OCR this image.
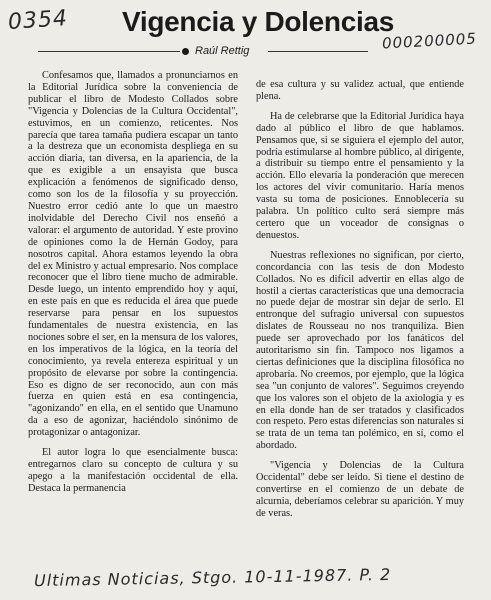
0354
000200005
Vigencia y Dolencias
Raúl Rettig

Confesamos que, llamados a pronunciarnos en la Editorial Jurídica sobre la conveniencia de publicar el libro de Modesto Collados sobre "Vigencia y Dolencias de la Cultura Occidental", estuvimos, en un comienzo, reticentes. Nos parecía que tarea tamaña pudiera escapar un tanto a la destreza que un economista despliega en su acción diaria, tan diversa, en la apariencia, de la que es exigible a un ensayista que busca explicación a fenómenos de significado denso, como son los de la filosofía y su proyección. Nuestro error cedió ante lo que un maestro inolvidable del Derecho Civil nos enseñó a valorar: el argumento de autoridad. Y este provino de opiniones como la de Hernán Godoy, para nosotros capital. Ahora estamos leyendo la obra del ex Ministro y actual empresario. Nos complace reconocer que el libro tiene mucho de admirable. Desde luego, un intento emprendido hoy y aquí, en este país en que es reducida el área que puede reservarse para pensar en los supuestos fundamentales de nuestra existencia, en las nociones sobre el ser, en la mensura de los valores, en los imperativos de la lógica, en la teoría del conocimiento, ya revela entereza espiritual y un propósito de elevarse por sobre la contingencia. Eso es digno de ser reconocido, aun con más fuerza en quien está en esa contingencia, "agonizando" en ella, en el sentido que Unamuno da a eso de agonizar, haciéndolo sinónimo de protagonizar o antagonizar.

El autor logra lo que esencialmente busca: entregarnos claro su concepto de cultura y su apego a la manifestación occidental de ella. Destaca la permanencia

de esa cultura y su validez actual, que entiende plena.

Ha de celebrarse que la Editorial Jurídica haya dado al público el libro de que hablamos. Pensamos que, si se siguiera el ejemplo del autor, podría estimularse al hombre público, al dirigente, a distribuir su tiempo entre el pensamiento y la acción. Ello elevaría la ponderación que merecen los actores del vivir comunitario. Haría menos vasta su toma de posiciones. Ennoblecería su palabra. Un político culto será siempre más certero que un voceador de consignas o denuestos.

Nuestras reflexiones no significan, por cierto, concordancia con las tesis de don Modesto Collados. No es difícil advertir en ellas algo de hostil a ciertas características que una democracia no puede dejar de mostrar sin dejar de serlo. El entronque del sufragio universal con supuestos dislates de Rousseau no nos tranquiliza. Bien puede ser aprovechado por los fanáticos del autoritarismo sin fin. Tampoco nos ligamos a ciertas definiciones que la disciplina filosófica no aprobaría. No creemos, por ejemplo, que la lógica sea "un conjunto de valores". Seguimos creyendo que los valores son el objeto de la axiología y es en ella donde han de ser tratados y clasificados con respeto. Pero estas diferencias son naturales si se trata de un tema tan polémico, en sí, como el abordado.

"Vigencia y Dolencias de la Cultura Occidental" debe ser leído. Si tiene el destino de convertirse en el comienzo de un debate de alcurnia, deberíamos celebrar su aparición. Y muy de veras.

Ultimas Noticias, Stgo. 10-11-1987. P. 2
